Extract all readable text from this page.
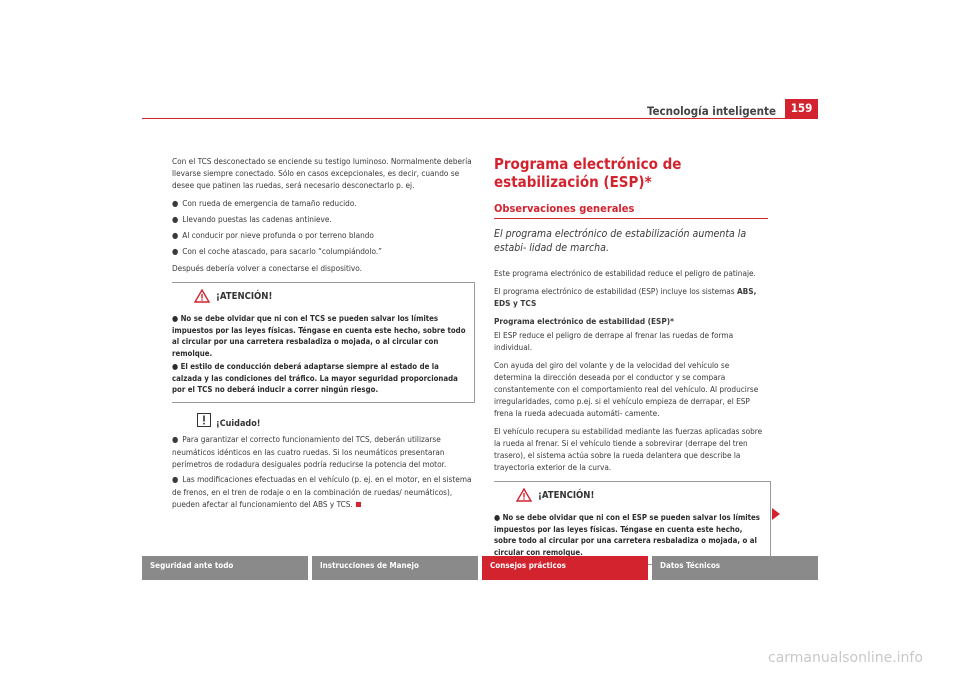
Tecnología inteligente	159

Con el TCS desconectado se enciende su testigo luminoso. Normalmente debería llevarse siempre conectado. Sólo en casos excepcionales, es decir, cuando se desee que patinen las ruedas, será necesario desconectarlo p. ej.

● Con rueda de emergencia de tamaño reducido.
● Llevando puestas las cadenas antinieve.
● Al conducir por nieve profunda o por terreno blando
● Con el coche atascado, para sacarlo “columpiándolo.”

Después debería volver a conectarse el dispositivo.

¡ATENCIÓN!
● No se debe olvidar que ni con el TCS se pueden salvar los límites impuestos por las leyes físicas. Téngase en cuenta este hecho, sobre todo al circular por una carretera resbaladiza o mojada, o al circular con remolque.
● El estilo de conducción deberá adaptarse siempre al estado de la calzada y las condiciones del tráfico. La mayor seguridad proporcionada por el TCS no deberá inducir a correr ningún riesgo.
¡Cuidado!
● Para garantizar el correcto funcionamiento del TCS, deberán utilizarse neumáticos idénticos en las cuatro ruedas. Si los neumáticos presentaran perímetros de rodadura desiguales podría reducirse la potencia del motor.
● Las modificaciones efectuadas en el vehículo (p. ej. en el motor, en el sistema de frenos, en el tren de rodaje o en la combinación de ruedas/ neumáticos), pueden afectar al funcionamiento del ABS y TCS.
Programa electrónico de estabilización (ESP)*
Observaciones generales
El programa electrónico de estabilización aumenta la estabi- lidad de marcha.

Este programa electrónico de estabilidad reduce el peligro de patinaje.

El programa electrónico de estabilidad (ESP) incluye los sistemas ABS, EDS y TCS

Programa electrónico de estabilidad (ESP)*

El ESP reduce el peligro de derrape al frenar las ruedas de forma individual.

Con ayuda del giro del volante y de la velocidad del vehículo se determina la dirección deseada por el conductor y se compara constantemente con el comportamiento real del vehículo. Al producirse irregularidades, como p.ej. si el vehículo empieza de derrapar, el ESP frena la rueda adecuada automáti- camente.

El vehículo recupera su estabilidad mediante las fuerzas aplicadas sobre la rueda al frenar. Si el vehículo tiende a sobrevirar (derrape del tren trasero), el sistema actúa sobre la rueda delantera que describe la trayectoria exterior de la curva.

¡ATENCIÓN!
● No se debe olvidar que ni con el ESP se pueden salvar los límites impuestos por las leyes físicas. Téngase en cuenta este hecho, sobre todo al circular por una carretera resbaladiza o mojada, o al circular con remolque.
Seguridad ante todo	Instrucciones de Manejo	Consejos prácticos	Datos Técnicos
carmanualsonline.info
